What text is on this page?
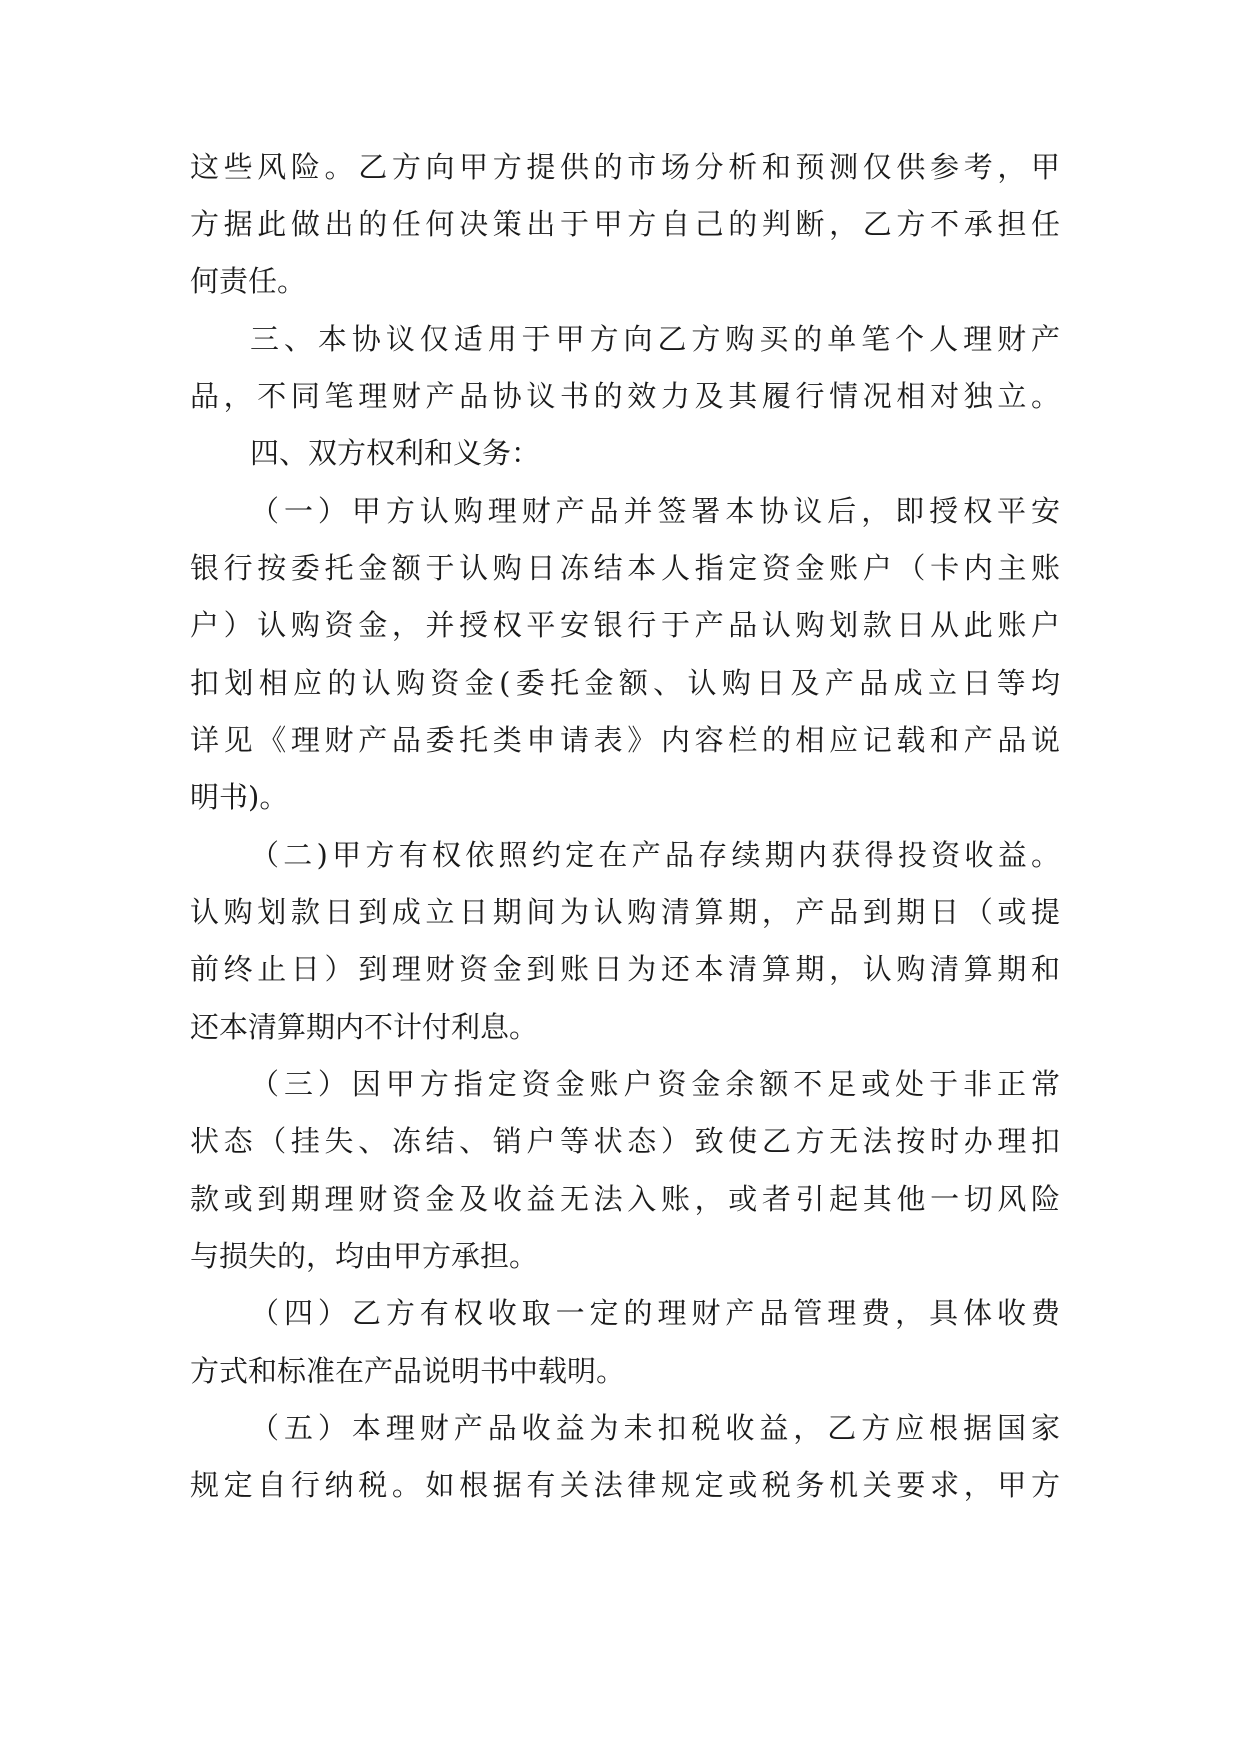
这些风险。乙方向甲方提供的市场分析和预测仅供参考，甲
方据此做出的任何决策出于甲方自己的判断，乙方不承担任
何责任。
三、本协议仅适用于甲方向乙方购买的单笔个人理财产
品，不同笔理财产品协议书的效力及其履行情况相对独立。
四、双方权利和义务：
（一）甲方认购理财产品并签署本协议后，即授权平安
银行按委托金额于认购日冻结本人指定资金账户（卡内主账
户）认购资金，并授权平安银行于产品认购划款日从此账户
扣划相应的认购资金(委托金额、认购日及产品成立日等均
详见《理财产品委托类申请表》内容栏的相应记载和产品说
明书)。
（二)甲方有权依照约定在产品存续期内获得投资收益。
认购划款日到成立日期间为认购清算期，产品到期日（或提
前终止日）到理财资金到账日为还本清算期，认购清算期和
还本清算期内不计付利息。
（三）因甲方指定资金账户资金余额不足或处于非正常
状态（挂失、冻结、销户等状态）致使乙方无法按时办理扣
款或到期理财资金及收益无法入账，或者引起其他一切风险
与损失的，均由甲方承担。
（四）乙方有权收取一定的理财产品管理费，具体收费
方式和标准在产品说明书中载明。
（五）本理财产品收益为未扣税收益，乙方应根据国家
规定自行纳税。如根据有关法律规定或税务机关要求，甲方
